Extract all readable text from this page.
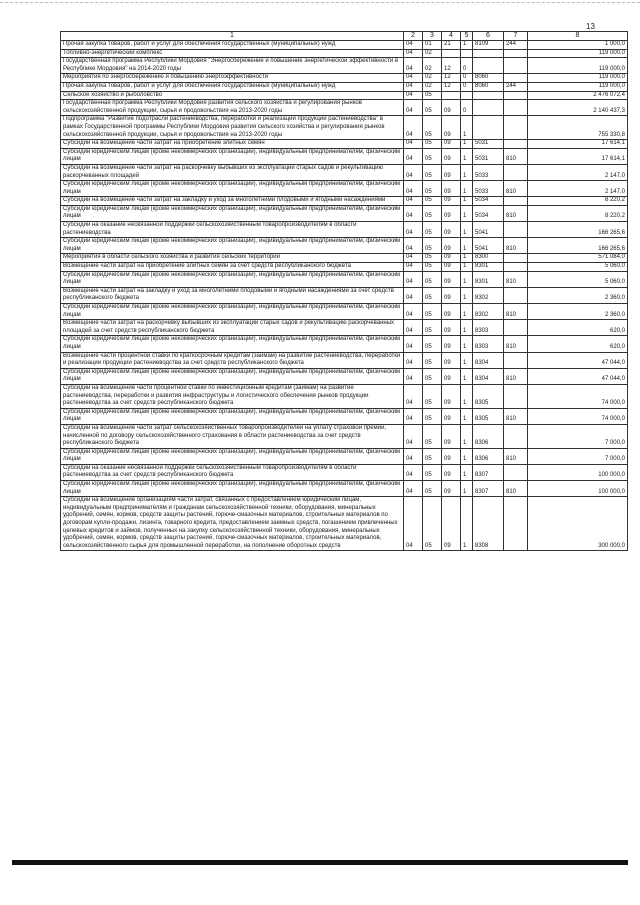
13
1	2	3	4	5	6	7	8
Прочая закупка товаров, работ и услуг для обеспечения государственных (муниципальных) нужд	04	01	21	1	8109	244	1 000,0
Топливно-энергетический комплекс	04	02					119 000,0
Государственная программа Республики Мордовия "Энергосбережение и повышение энергетической эффективности в Республике Мордовия" на 2014-2020 годы	04	02	12	0			119 000,0
Мероприятия по энергосбережению и повышению энергоэффективности	04	02	12	0	8060		119 000,0
Прочая закупка товаров, работ и услуг для обеспечения государственных (муниципальных) нужд	04	02	12	0	8060	244	119 000,0
Сельское хозяйство и рыболовство	04	05					2 476 072,4
Государственная программа Республики Мордовия развития сельского хозяйства и регулирования рынков сельскохозяйственной продукции, сырья и продовольствия на 2013-2020 годы	04	05	09	0			2 140 437,3
Подпрограмма "Развитие подотрасли растениеводства, переработки и реализации продукции растениеводства" в рамках Государственной программы Республики Мордовия развития сельского хозяйства и регулирования рынков сельскохозяйственной продукции, сырья и продовольствия на 2013-2020 годы	04	05	09	1			755 330,8
Субсидии на возмещение части затрат на приобретение элитных семян	04	05	09	1	5031		17 614,1
Субсидии юридическим лицам (кроме некоммерческих организаций), индивидуальным предпринимателям, физическим лицам	04	05	09	1	5031	810	17 614,1
Субсидии на возмещение части затрат на раскорчевку выбывших из эксплуатации старых садов и рекультивацию раскорчеванных площадей	04	05	09	1	5033		2 147,0
Субсидии юридическим лицам (кроме некоммерческих организаций), индивидуальным предпринимателям, физическим лицам	04	05	09	1	5033	810	2 147,0
Субсидии на возмещение части затрат на закладку и уход за многолетними плодовыми и ягодными насаждениями	04	05	09	1	5034		8 220,2
Субсидии юридическим лицам (кроме некоммерческих организаций), индивидуальным предпринимателям, физическим лицам	04	05	09	1	5034	810	8 220,2
Субсидии на оказание несвязанной поддержки сельскохозяйственным товаропроизводителям в области растениеводства	04	05	09	1	5041		166 265,6
Субсидии юридическим лицам (кроме некоммерческих организаций), индивидуальным предпринимателям, физическим лицам	04	05	09	1	5041	810	166 265,6
Мероприятия в области сельского хозяйства и развития сельских территорий	04	05	09	1	8300		571 084,0
Возмещение части затрат на приобретение элитных семян за счет средств республиканского бюджета	04	05	09	1	8301		5 060,0
Субсидии юридическим лицам (кроме некоммерческих организаций), индивидуальным предпринимателям, физическим лицам	04	05	09	1	8301	810	5 060,0
Возмещение части затрат на закладку и уход за многолетними плодовыми и ягодными насаждениями за счет средств республиканского бюджета	04	05	09	1	8302		2 360,0
Субсидии юридическим лицам (кроме некоммерческих организаций), индивидуальным предпринимателям, физическим лицам	04	05	09	1	8302	810	2 360,0
Возмещение части затрат на раскорчевку выбывших из эксплуатации старых садов и рекультивацию раскорчеванных площадей за счет средств республиканского бюджета	04	05	09	1	8303		620,0
Субсидии юридическим лицам (кроме некоммерческих организаций), индивидуальным предпринимателям, физическим лицам	04	05	09	1	8303	810	620,0
Возмещение части процентной ставки по краткосрочным кредитам (займам) на развитие растениеводства, переработки и реализации продукции растениеводства за счет средств республиканского бюджета	04	05	09	1	8304		47 044,0
Субсидии юридическим лицам (кроме некоммерческих организаций), индивидуальным предпринимателям, физическим лицам	04	05	09	1	8304	810	47 044,0
Субсидии на возмещение части процентной ставки по инвестиционным кредитам (займам) на развитие растениеводства, переработки и развития инфраструктуры и логистического обеспечения рынков продукции растениеводства за счет средств республиканского бюджета	04	05	09	1	8305		74 000,0
Субсидии юридическим лицам (кроме некоммерческих организаций), индивидуальным предпринимателям, физическим лицам	04	05	09	1	8305	810	74 000,0
Субсидии на возмещение части затрат сельскохозяйственных товаропроизводителей на уплату страховой премии, начисленной по договору сельскохозяйственного страхования в области растениеводства за счет средств республиканского бюджета	04	05	09	1	8306		7 000,0
Субсидии юридическим лицам (кроме некоммерческих организаций), индивидуальным предпринимателям, физическим лицам	04	05	09	1	8306	810	7 000,0
Субсидии на оказание несвязанной поддержки сельскохозяйственным товаропроизводителям в области растениеводства за счет средств республиканского бюджета	04	05	09	1	8307		100 000,0
Субсидии юридическим лицам (кроме некоммерческих организаций), индивидуальным предпринимателям, физическим лицам	04	05	09	1	8307	810	100 000,0
Субсидии на возмещение организациям части затрат, связанных с предоставлением юридическим лицам, индивидуальным предпринимателям и гражданам сельскохозяйственной техники, оборудования, минеральных удобрений, семян, кормов, средств защиты растений, горюче-смазочных материалов, строительных материалов по договорам купли-продажи, лизинга, товарного кредита, предоставлением заемных средств, погашением привлеченных целевых кредитов и займов, полученных на закупку сельскохозяйственной техники, оборудования, минеральных удобрений, семян, кормов, средств защиты растений, горюче-смазочных материалов, строительных материалов, сельскохозяйственного сырья для промышленной переработки, на пополнение оборотных средств	04	05	09	1	8308		300 000,0
